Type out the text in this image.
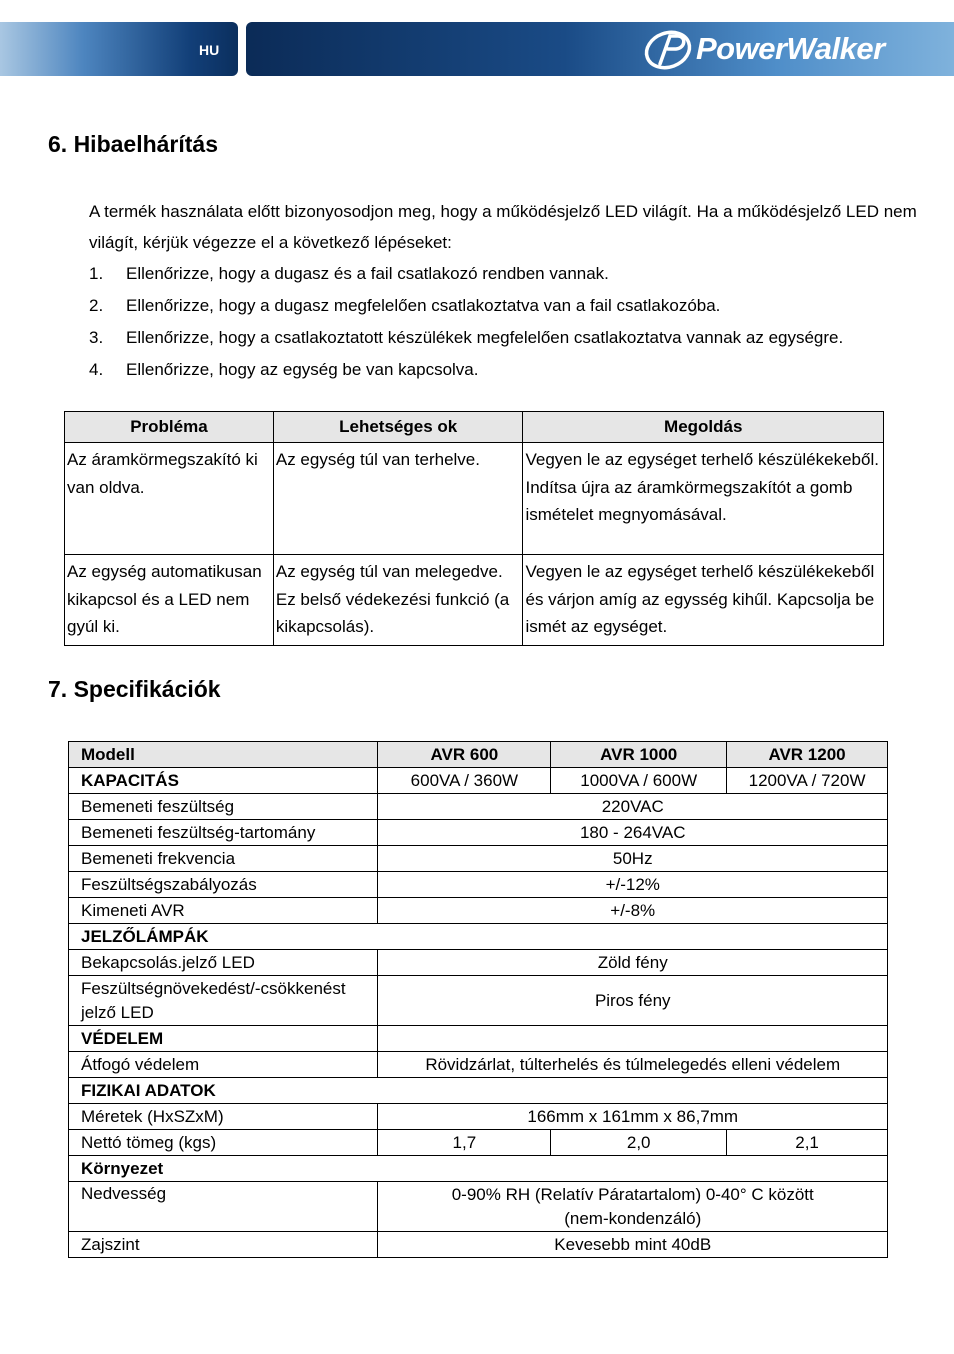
HU	PowerWalker
6. Hibaelhárítás

A termék használata előtt bizonyosodjon meg, hogy a működésjelző LED világít. Ha a működésjelző LED nem világít, kérjük végezze el a következő lépéseket:

1.	Ellenőrizze, hogy a dugasz és a fail csatlakozó rendben vannak.
2.	Ellenőrizze, hogy a dugasz megfelelően csatlakoztatva van a fail csatlakozóba.
3.	Ellenőrizze, hogy a csatlakoztatott készülékek megfelelően csatlakoztatva vannak az egységre.
4.	Ellenőrizze, hogy az egység be van kapcsolva.
Probléma	Lehetséges ok	Megoldás
Az áramkörmegszakító ki van oldva.	Az egység túl van terhelve.	Vegyen le az egységet terhelő készülékekeből. Indítsa újra az áramkörmegszakítót a gomb ismételet megnyomásával.
Az egység automatikusan kikapcsol és a LED nem gyúl ki.	Az egység túl van melegedve. Ez belső védekezési funkció (a kikapcsolás).	Vegyen le az egységet terhelő készülékekeből és várjon amíg az egysség kihűl. Kapcsolja be ismét az egységet.
7. Specifikációk
Modell	AVR 600	AVR 1000	AVR 1200
KAPACITÁS	600VA / 360W	1000VA / 600W	1200VA / 720W
Bemeneti feszültség	220VAC		
Bemeneti feszültség-tartomány	180 - 264VAC		
Bemeneti frekvencia	50Hz		
Feszültségszabályozás	+/-12%		
Kimeneti AVR	+/-8%		
JELZŐLÁMPÁK			
Bekapcsolás.jelző LED	Zöld fény		
Feszültségnövekedést/-csökkenést jelző LED	Piros fény		
VÉDELEM			
Átfogó védelem	Rövidzárlat, túlterhelés és túlmelegedés elleni védelem		
FIZIKAI ADATOK			
Méretek (HxSZxM)	166mm x 161mm x 86,7mm		
Nettó tömeg (kgs)	1,7	2,0	2,1
Környezet			
Nedvesség	0-90% RH (Relatív Páratartalom) 0-40° C között (nem-kondenzáló)		

Zajszint	Kevesebb mint 40dB		
